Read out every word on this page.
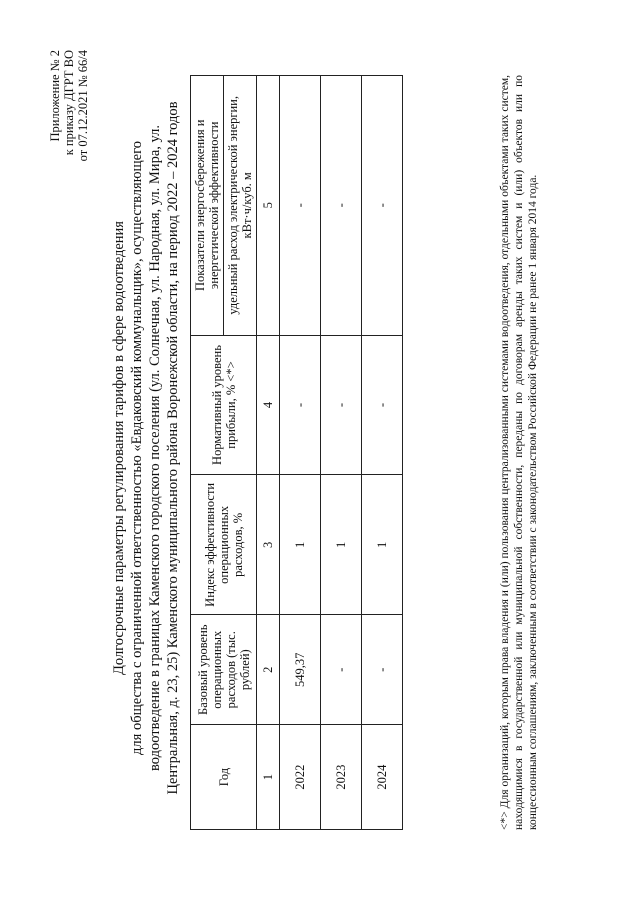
Приложение № 2 к приказу ДГРТ ВО от 07.12.2021 № 66/4
Долгосрочные параметры регулирования тарифов в сфере водоотведения для общества с ограниченной ответственностью «Евдаковский коммунальщик», осуществляющего водоотведение в границах Каменского городского поселения (ул. Солнечная, ул. Народная, ул. Мира, ул. Центральная, д. 23, 25) Каменского муниципального района Воронежской области, на период 2022 – 2024 годов	Год	Базовый уровень операционных расходов (тыс. рублей)	Индекс эффективности операционных расходов, %	Нормативный уровень прибыли, % <*>	Показатели энергосбережения и энергетической эффективности
				удельный расход электрической энергии, кВт·ч/куб. м
1	2	3	4	5
2022	549,37	1	-	-
2023	-	1	-	-
2024	-	1	-	-	<*> Для организаций, которым права владения и (или) пользования централизованными системами водоотведения, отдельными объектами таких систем, находящимися в государственной или муниципальной собственности, переданы по договорам аренды таких систем и (или) объектов или по концессионным соглашениям, заключенным в соответствии с законодательством Российской Федерации не ранее 1 января 2014 года.
